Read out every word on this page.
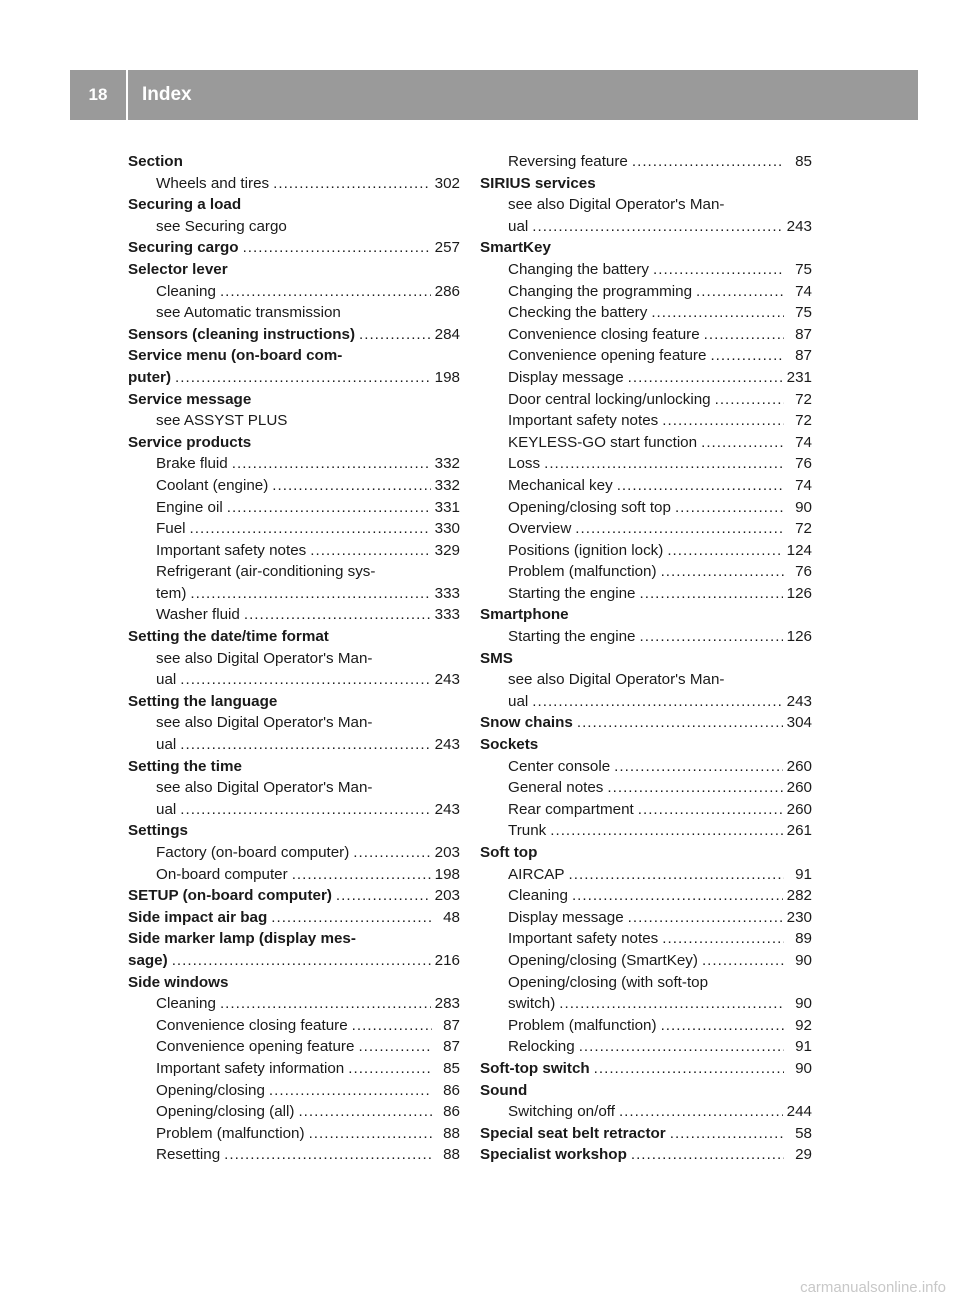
18	Index
Section
Wheels and tires .....	302
Securing a load
see Securing cargo
Securing cargo .....	257
Selector lever
Cleaning .....	286
see Automatic transmission
Sensors (cleaning instructions) .....	284
Service menu (on-board com-
puter) .....	198
Service message
see ASSYST PLUS
Service products
Brake fluid .....	332
Coolant (engine) .....	332
Engine oil .....	331
Fuel .....	330
Important safety notes .....	329
Refrigerant (air-conditioning sys-
tem) .....	333
Washer fluid .....	333
Setting the date/time format
see also Digital Operator's Man-
ual .....	243
Setting the language
see also Digital Operator's Man-
ual .....	243
Setting the time
see also Digital Operator's Man-
ual .....	243
Settings
Factory (on-board computer) .....	203
On-board computer .....	198
SETUP (on-board computer) .....	203
Side impact air bag .....	48
Side marker lamp (display mes-
sage) .....	216
Side windows
Cleaning .....	283
Convenience closing feature .....	87
Convenience opening feature .....	87
Important safety information .....	85
Opening/closing .....	86
Opening/closing (all) .....	86
Problem (malfunction) .....	88
Resetting .....	88
Reversing feature .....	85
SIRIUS services
see also Digital Operator's Man-
ual .....	243
SmartKey
Changing the battery .....	75
Changing the programming .....	74
Checking the battery .....	75
Convenience closing feature .....	87
Convenience opening feature .....	87
Display message .....	231
Door central locking/unlocking .....	72
Important safety notes .....	72
KEYLESS-GO start function .....	74
Loss .....	76
Mechanical key .....	74
Opening/closing soft top .....	90
Overview .....	72
Positions (ignition lock) .....	124
Problem (malfunction) .....	76
Starting the engine .....	126
Smartphone
Starting the engine .....	126
SMS
see also Digital Operator's Man-
ual .....	243
Snow chains .....	304
Sockets
Center console .....	260
General notes .....	260
Rear compartment .....	260
Trunk .....	261
Soft top
AIRCAP .....	91
Cleaning .....	282
Display message .....	230
Important safety notes .....	89
Opening/closing (SmartKey) .....	90
Opening/closing (with soft-top
switch) .....	90
Problem (malfunction) .....	92
Relocking .....	91
Soft-top switch .....	90
Sound
Switching on/off .....	244
Special seat belt retractor .....	58
Specialist workshop .....	29
carmanualsonline.info
